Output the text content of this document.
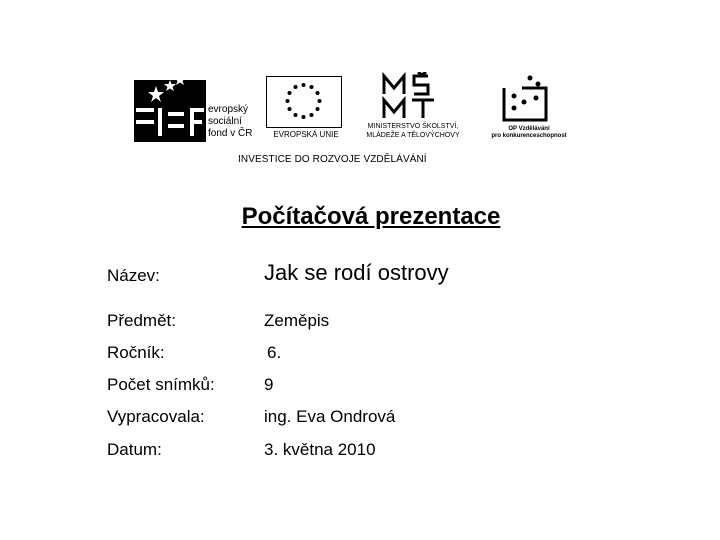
evropský
sociální
fond v ČR	EVROPSKÁ UNIE
MINISTERSTVO ŠKOLSTVÍ,
MLÁDEŽE A TĚLOVÝCHOVY
OP Vzdělávání
pro konkurenceschopnost
INVESTICE DO ROZVOJE VZDĚLÁVÁNÍ
Počítačová prezentace
Název:	Jak se rodí ostrovy
Předmět:	Zeměpis
Ročník:	6.
Počet snímků:	9
Vypracovala:	ing. Eva Ondrová
Datum:	3. května 2010
